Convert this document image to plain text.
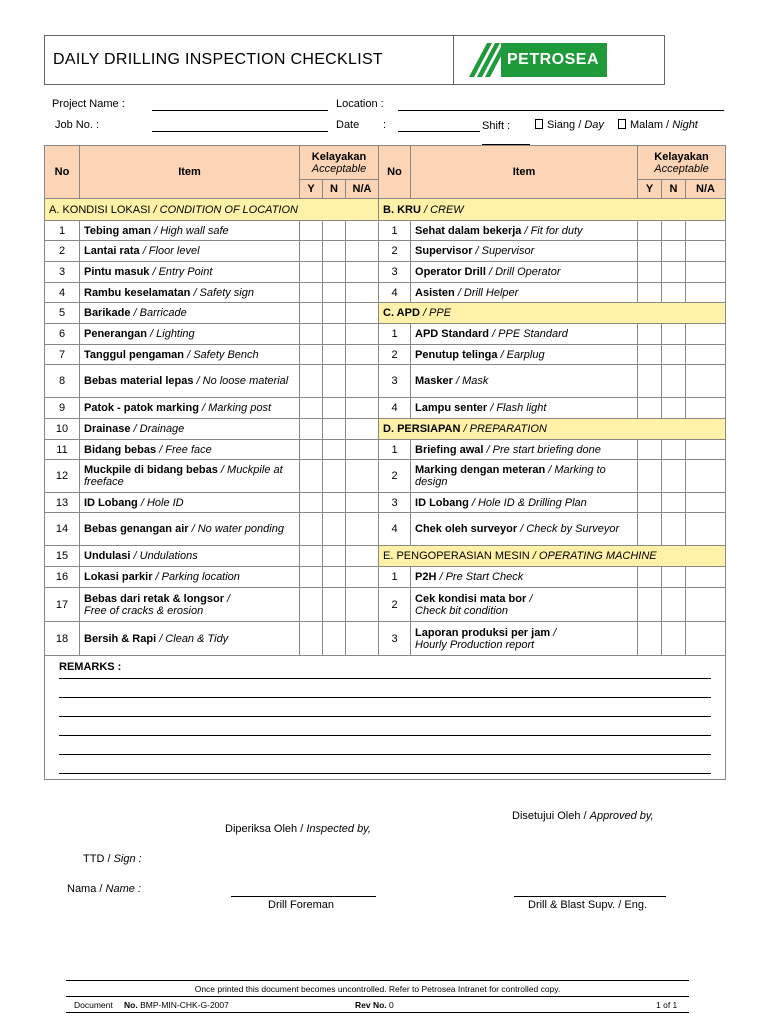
DAILY DRILLING INSPECTION CHECKLIST	PETROSEA
Project Name :	Location :
Job No. :	Date :	Shift :	Siang / Day	Malam / Night
No	Item	Kelayakan
Acceptable			No	Item	Kelayakan
Acceptable		
		Y	N	N/A			Y	N	N/A
A. KONDISI LOKASI / CONDITION OF LOCATION					B. KRU / CREW				
1	Tebing aman / High wall safe				1	Sehat dalam bekerja / Fit for duty			
2	Lantai rata / Floor level				2	Supervisor / Supervisor			
3	Pintu masuk / Entry Point				3	Operator Drill / Drill Operator			
4	Rambu keselamatan / Safety sign				4	Asisten / Drill Helper			
5	Barikade / Barricade				C. APD / PPE				
6	Penerangan / Lighting				1	APD Standard / PPE Standard			
7	Tanggul pengaman / Safety Bench				2	Penutup telinga / Earplug			
8	Bebas material lepas / No loose material				3	Masker / Mask			
9	Patok - patok marking / Marking post				4	Lampu senter / Flash light			
10	Drainase / Drainage				D. PERSIAPAN / PREPARATION				
11	Bidang bebas / Free face				1	Briefing awal / Pre start briefing done			
12	Muckpile di bidang bebas / Muckpile at freeface				2	Marking dengan meteran / Marking to design			
13	ID Lobang / Hole ID				3	ID Lobang / Hole ID & Drilling Plan			
14	Bebas genangan air / No water ponding				4	Chek oleh surveyor / Check by Surveyor			
15	Undulasi / Undulations				E. PENGOPERASIAN MESIN / OPERATING MACHINE				
16	Lokasi parkir / Parking location				1	P2H / Pre Start Check			
17	Bebas dari retak & longsor /
Free of cracks & erosion				2	Cek kondisi mata bor /
Check bit condition			
18	Bersih & Rapi / Clean & Tidy				3	Laporan produksi per jam /
Hourly Production report			

REMARKS :									
Disetujui Oleh / Approved by,
Diperiksa Oleh / Inspected by,
TTD / Sign :
Nama / Name :
Drill Foreman	Drill & Blast Supv. / Eng.
Once printed this document becomes uncontrolled. Refer to Petrosea Intranet for controlled copy.
Document No. BMP-MIN-CHK-G-2007	Rev No. 0	1 of 1
